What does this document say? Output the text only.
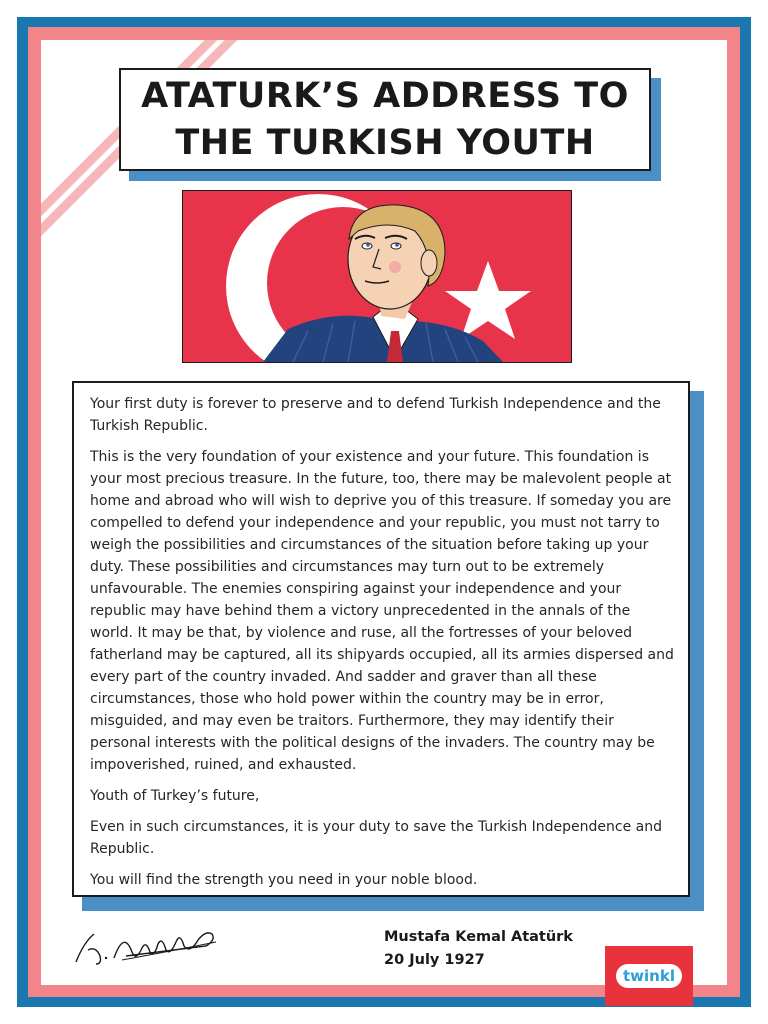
ATATURK’S ADDRESS TO THE TURKISH YOUTH

Your first duty is forever to preserve and to defend Turkish Independence and the Turkish Republic.

This is the very foundation of your existence and your future. This foundation is your most precious treasure. In the future, too, there may be malevolent people at home and abroad who will wish to deprive you of this treasure. If someday you are compelled to defend your independence and your republic, you must not tarry to weigh the possibilities and circumstances of the situation before taking up your duty. These possibilities and circumstances may turn out to be extremely unfavourable. The enemies conspiring against your independence and your republic may have behind them a victory unprecedented in the annals of the world. It may be that, by violence and ruse, all the fortresses of your beloved fatherland may be captured, all its shipyards occupied, all its armies dispersed and every part of the country invaded. And sadder and graver than all these circumstances, those who hold power within the country may be in error, misguided, and may even be traitors. Furthermore, they may identify their personal interests with the political designs of the invaders. The country may be impoverished, ruined, and exhausted.

Youth of Turkey’s future,

Even in such circumstances, it is your duty to save the Turkish Independence and Republic.

You will find the strength you need in your noble blood.

Mustafa Kemal Atatürk
20 July 1927
twinkl
